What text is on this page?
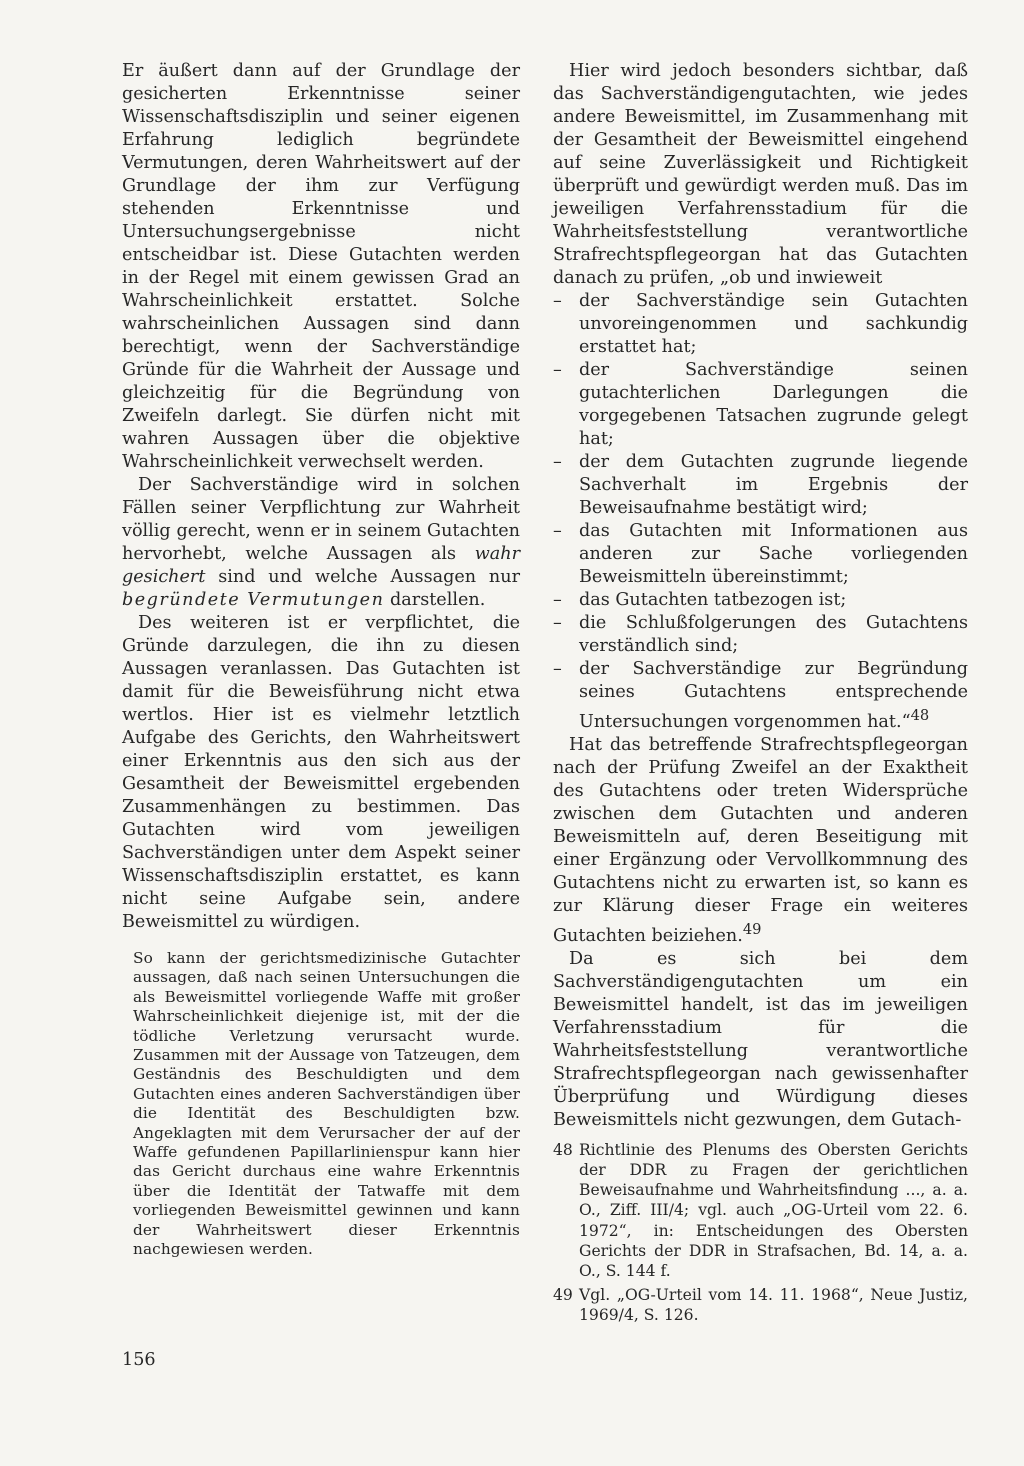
Er äußert dann auf der Grundlage der gesicherten Erkenntnisse seiner Wissenschaftsdisziplin und seiner eigenen Erfahrung lediglich begründete Vermutungen, deren Wahrheitswert auf der Grundlage der ihm zur Verfügung stehenden Erkenntnisse und Untersuchungsergebnisse nicht entscheidbar ist. Diese Gutachten werden in der Regel mit einem gewissen Grad an Wahrscheinlichkeit erstattet. Solche wahrscheinlichen Aussagen sind dann berechtigt, wenn der Sachverständige Gründe für die Wahrheit der Aussage und gleichzeitig für die Begründung von Zweifeln darlegt. Sie dürfen nicht mit wahren Aussagen über die objektive Wahrscheinlichkeit verwechselt werden.

Der Sachverständige wird in solchen Fällen seiner Verpflichtung zur Wahrheit völlig gerecht, wenn er in seinem Gutachten hervorhebt, welche Aussagen als wahr gesichert sind und welche Aussagen nur begründete Vermutungen darstellen.

Des weiteren ist er verpflichtet, die Gründe darzulegen, die ihn zu diesen Aussagen veranlassen. Das Gutachten ist damit für die Beweisführung nicht etwa wertlos. Hier ist es vielmehr letztlich Aufgabe des Gerichts, den Wahrheitswert einer Erkenntnis aus den sich aus der Gesamtheit der Beweismittel ergebenden Zusammenhängen zu bestimmen. Das Gutachten wird vom jeweiligen Sachverständigen unter dem Aspekt seiner Wissenschaftsdisziplin erstattet, es kann nicht seine Aufgabe sein, andere Beweismittel zu würdigen.

So kann der gerichtsmedizinische Gutachter aussagen, daß nach seinen Untersuchungen die als Beweismittel vorliegende Waffe mit großer Wahrscheinlichkeit diejenige ist, mit der die tödliche Verletzung verursacht wurde. Zusammen mit der Aussage von Tatzeugen, dem Geständnis des Beschuldigten und dem Gutachten eines anderen Sachverständigen über die Identität des Beschuldigten bzw. Angeklagten mit dem Verursacher der auf der Waffe gefundenen Papillarlinienspur kann hier das Gericht durchaus eine wahre Erkenntnis über die Identität der Tatwaffe mit dem vorliegenden Beweismittel gewinnen und kann der Wahrheitswert dieser Erkenntnis nachgewiesen werden.

Hier wird jedoch besonders sichtbar, daß das Sachverständigengutachten, wie jedes andere Beweismittel, im Zusammenhang mit der Gesamtheit der Beweismittel eingehend auf seine Zuverlässigkeit und Richtigkeit überprüft und gewürdigt werden muß. Das im jeweiligen Verfahrensstadium für die Wahrheitsfeststellung verantwortliche Strafrechtspflegeorgan hat das Gutachten danach zu prüfen, „ob und inwieweit

– der Sachverständige sein Gutachten unvoreingenommen und sachkundig erstattet hat;
– der Sachverständige seinen gutachterlichen Darlegungen die vorgegebenen Tatsachen zugrunde gelegt hat;
– der dem Gutachten zugrunde liegende Sachverhalt im Ergebnis der Beweisaufnahme bestätigt wird;
– das Gutachten mit Informationen aus anderen zur Sache vorliegenden Beweismitteln übereinstimmt;
– das Gutachten tatbezogen ist;
– die Schlußfolgerungen des Gutachtens verständlich sind;
– der Sachverständige zur Begründung seines Gutachtens entsprechende Untersuchungen vorgenommen hat.“$^{48}$

Hat das betreffende Strafrechtspflegeorgan nach der Prüfung Zweifel an der Exaktheit des Gutachtens oder treten Widersprüche zwischen dem Gutachten und anderen Beweismitteln auf, deren Beseitigung mit einer Ergänzung oder Vervollkommnung des Gutachtens nicht zu erwarten ist, so kann es zur Klärung dieser Frage ein weiteres Gutachten beiziehen.$^{49}$

Da es sich bei dem Sachverständigengutachten um ein Beweismittel handelt, ist das im jeweiligen Verfahrensstadium für die Wahrheitsfeststellung verantwortliche Strafrechtspflegeorgan nach gewissenhafter Überprüfung und Würdigung dieses Beweismittels nicht gezwungen, dem Gutach-

48 Richtlinie des Plenums des Obersten Gerichts der DDR zu Fragen der gerichtlichen Beweisaufnahme und Wahrheitsfindung ..., a. a. O., Ziff. III/4; vgl. auch „OG-Urteil vom 22. 6. 1972“, in: Entscheidungen des Obersten Gerichts der DDR in Strafsachen, Bd. 14, a. a. O., S. 144 f.
49 Vgl. „OG-Urteil vom 14. 11. 1968“, Neue Justiz, 1969/4, S. 126.
156
